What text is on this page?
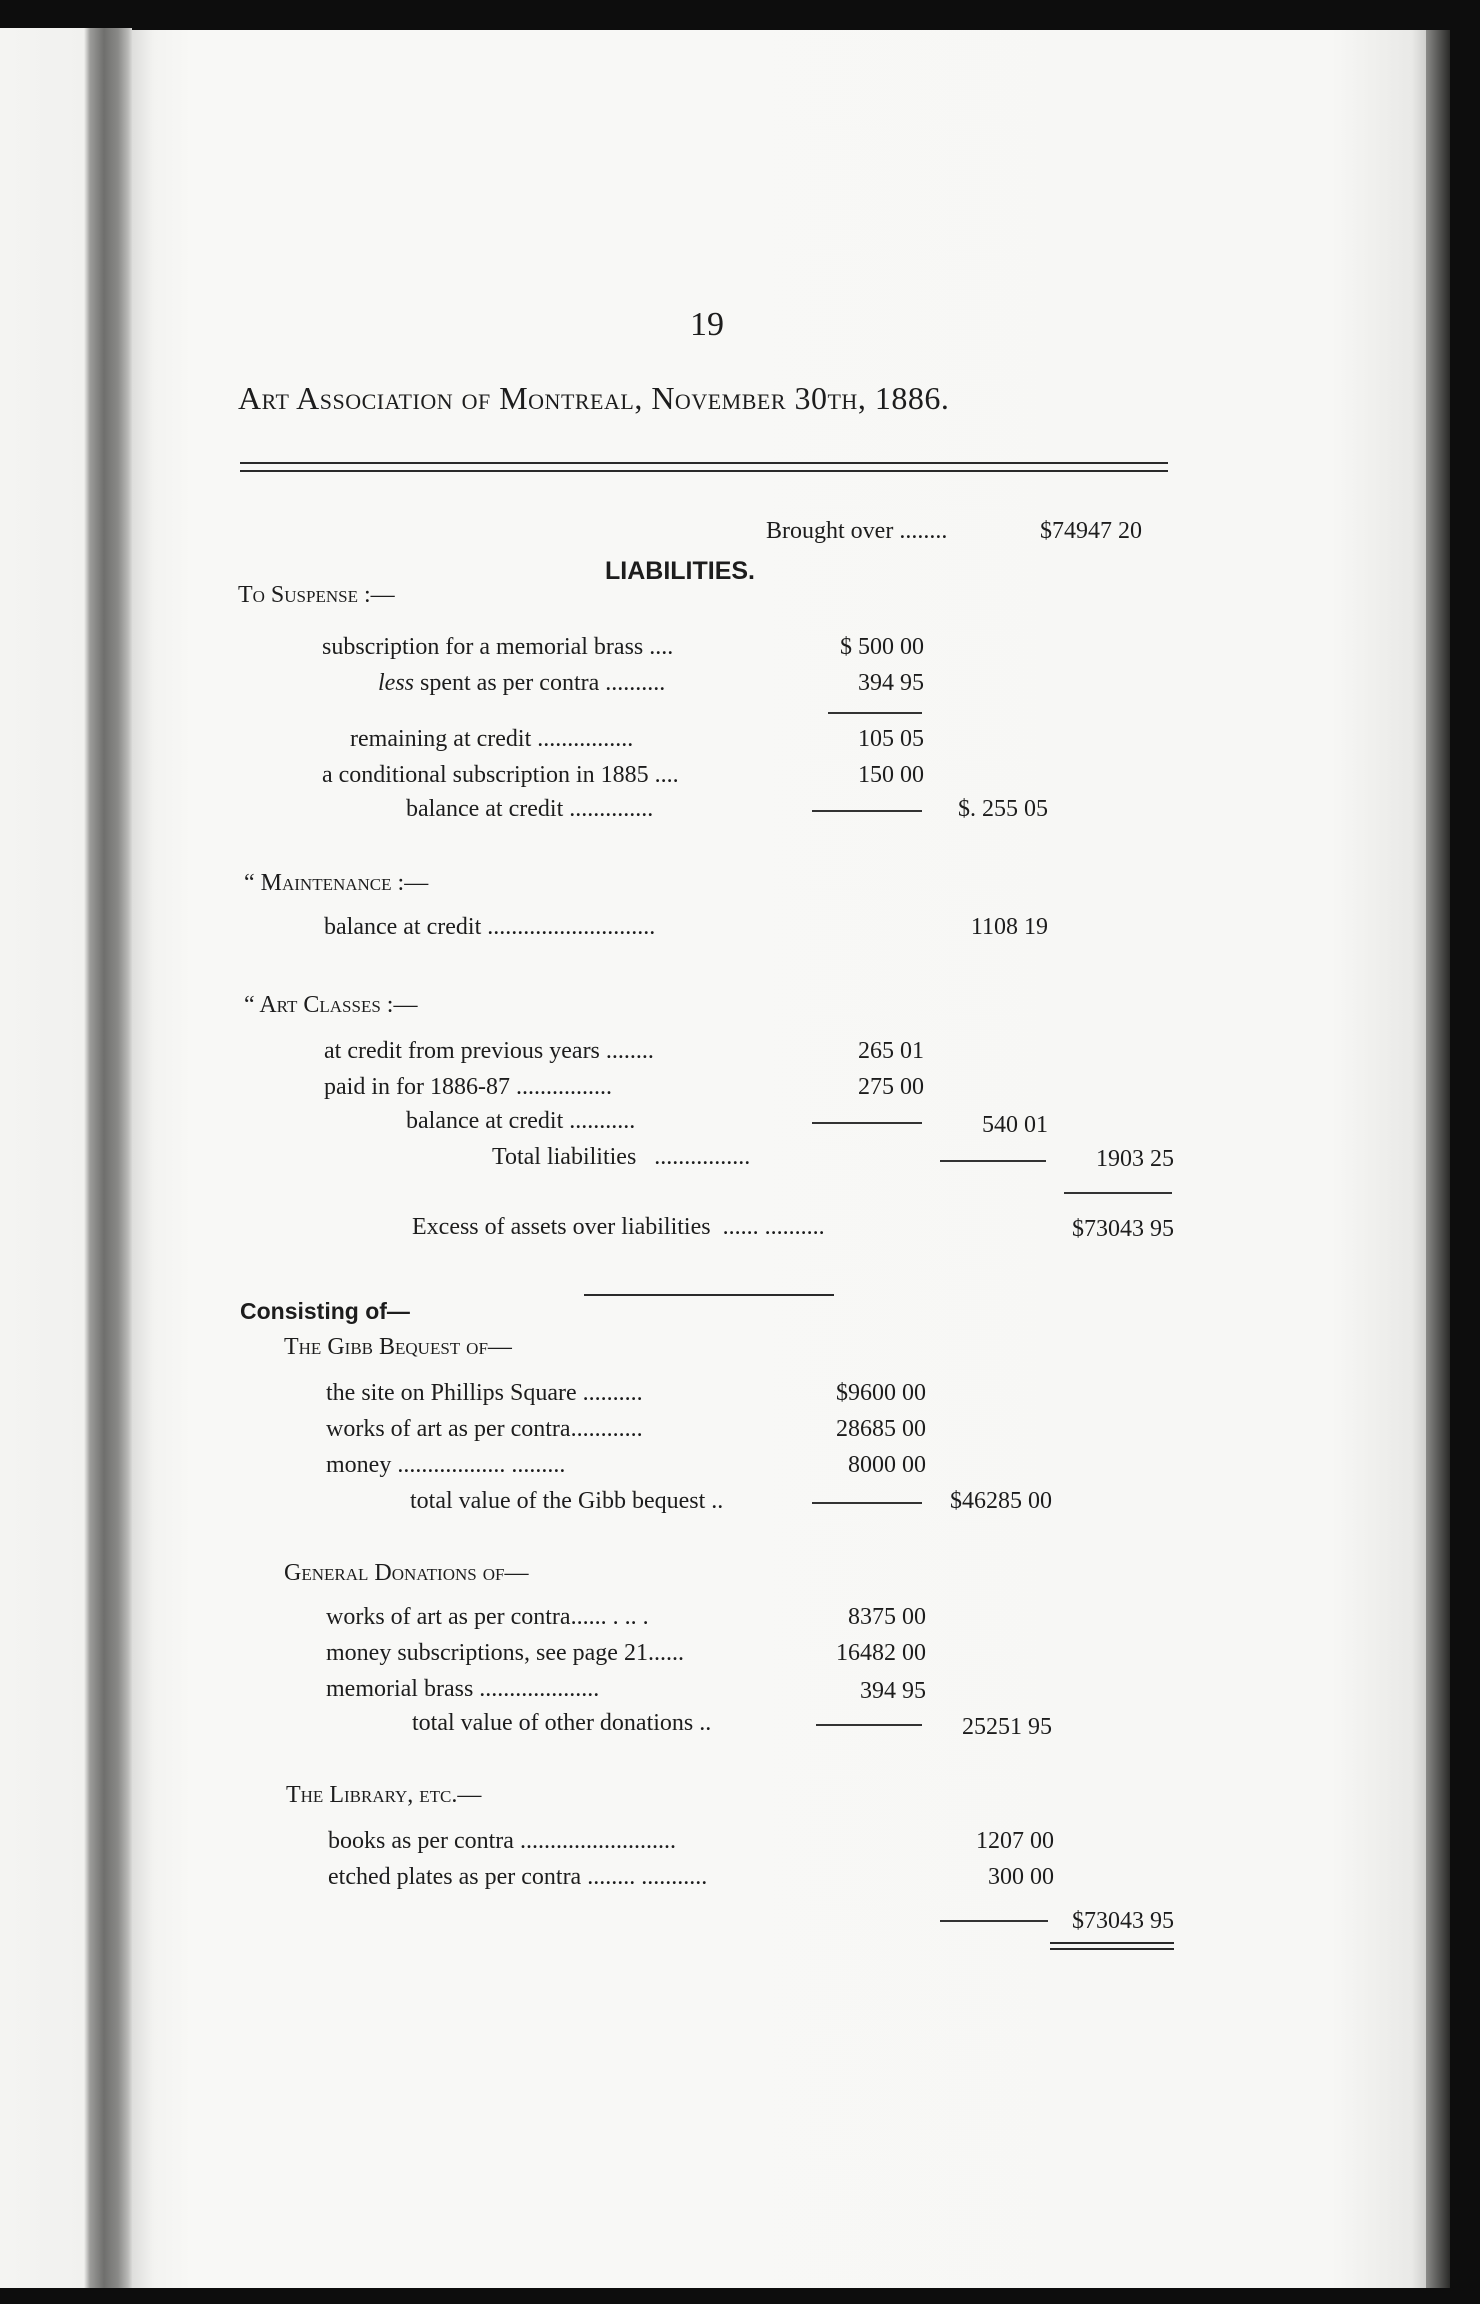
19
Art Association of Montreal, November 30th, 1886.
Brought over ........	$74947 20
LIABILITIES.
To Suspense :—
subscription for a memorial brass ....	$ 500 00
less spent as per contra ..........	394 95
remaining at credit ................	105 05
a conditional subscription in 1885 ....	150 00
balance at credit ..............	$. 255 05
“ Maintenance :—
balance at credit ............................	1108 19
“ Art Classes :—
at credit from previous years ........	265 01
paid in for 1886-87 ................	275 00
balance at credit ...........	540 01
Total liabilities   ................	1903 25
Excess of assets over liabilities  ...... ..........	$73043 95
Consisting of—
The Gibb Bequest of—
the site on Phillips Square ..........	$9600 00
works of art as per contra............	28685 00
money .................. .........	8000 00
total value of the Gibb bequest ..	$46285 00
General Donations of—
works of art as per contra...... . .. .	8375 00
money subscriptions, see page 21......	16482 00
memorial brass ....................	394 95
total value of other donations ..	25251 95
The Library, etc.—
books as per contra ..........................	1207 00
etched plates as per contra ........ ...........	300 00
$73043 95
